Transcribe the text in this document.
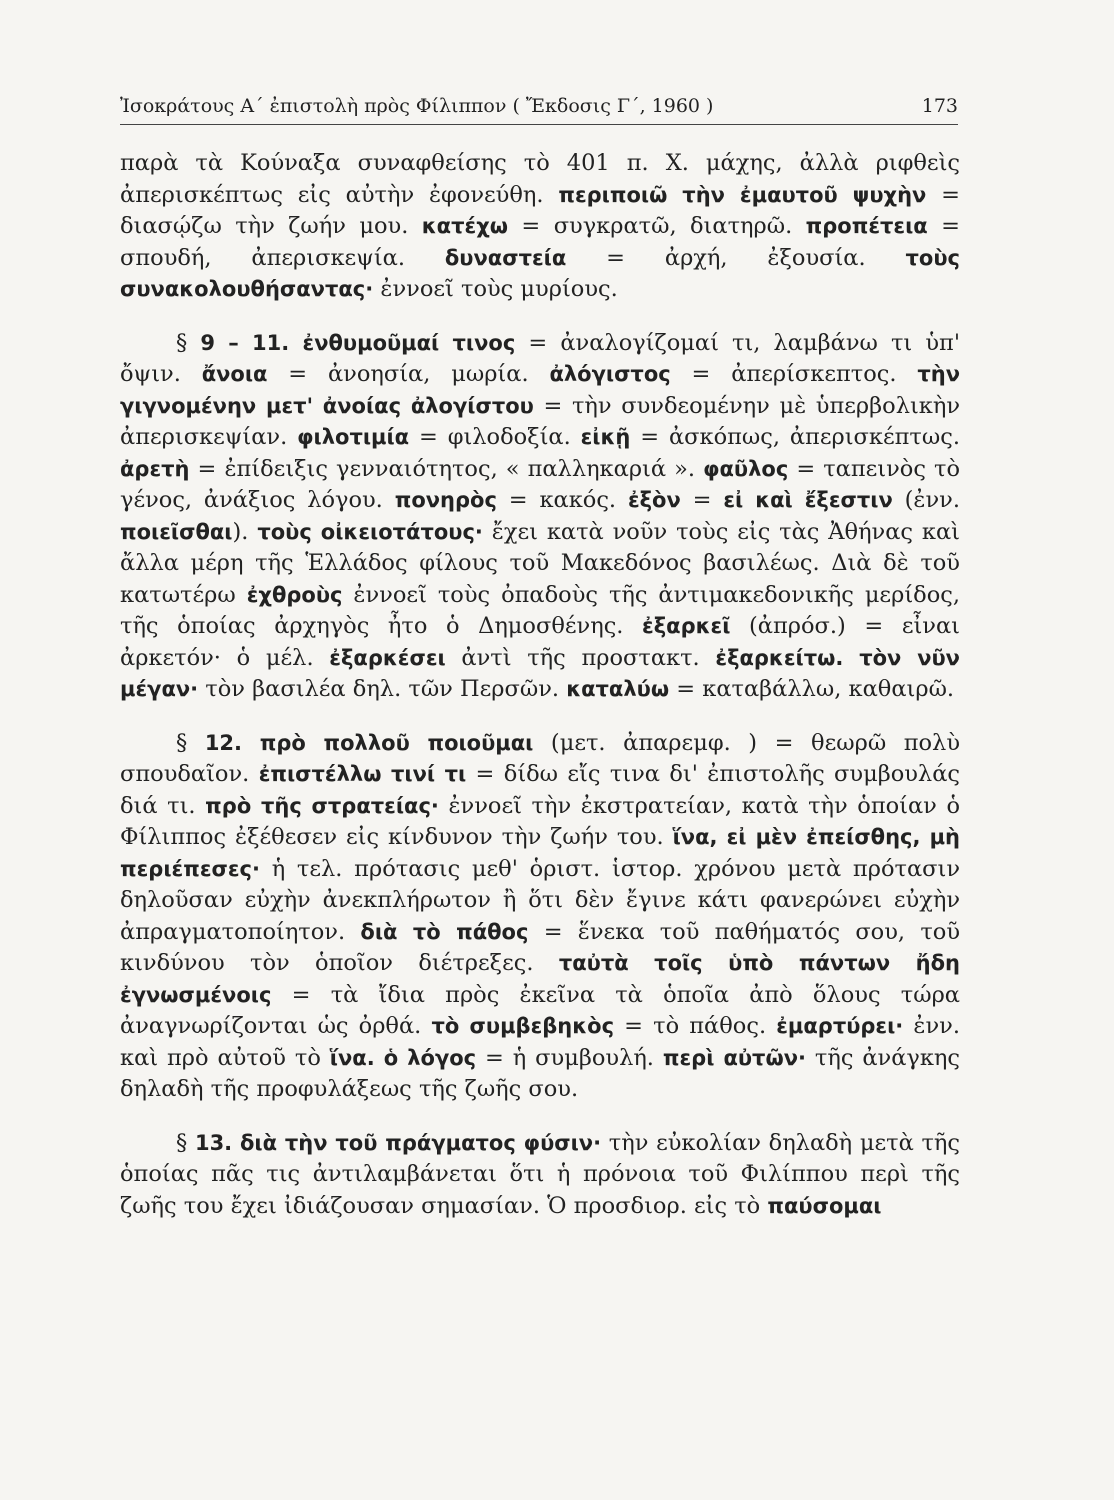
Ἰσοκράτους Α΄ ἐπιστολὴ πρὸς Φίλιππον ( Ἔκδοσις Γ΄, 1960 )	173

παρὰ τὰ Κούναξα συναφθείσης τὸ 401 π. Χ. μάχης, ἀλλὰ ριφθεὶς ἀπερισκέπτως εἰς αὐτὴν ἐφονεύθη. περιποιῶ τὴν ἐμαυτοῦ ψυχὴν = διασῴζω τὴν ζωήν μου. κατέχω = συγκρατῶ, διατηρῶ. προπέτεια = σπουδή, ἀπερισκεψία. δυναστεία = ἀρχή, ἐξουσία. τοὺς συνακολουθήσαντας· ἐννοεῖ τοὺς μυρίους.

§ 9 – 11. ἐνθυμοῦμαί τινος = ἀναλογίζομαί τι, λαμβάνω τι ὑπ' ὄψιν. ἄνοια = ἀνοησία, μωρία. ἀλόγιστος = ἀπερίσκεπτος. τὴν γιγνομένην μετ' ἀνοίας ἀλογίστου = τὴν συνδεομένην μὲ ὑπερβολικὴν ἀπερισκεψίαν. φιλοτιμία = φιλοδοξία. εἰκῇ = ἀσκόπως, ἀπερισκέπτως. ἀρετὴ = ἐπίδειξις γενναιότητος, « παλληκαριά ». φαῦλος = ταπεινὸς τὸ γένος, ἀνάξιος λόγου. πονηρὸς = κακός. ἐξὸν = εἰ καὶ ἔξεστιν (ἐνν. ποιεῖσθαι). τοὺς οἰκειοτάτους· ἔχει κατὰ νοῦν τοὺς εἰς τὰς Ἀθήνας καὶ ἄλλα μέρη τῆς Ἑλλάδος φίλους τοῦ Μακεδόνος βασιλέως. Διὰ δὲ τοῦ κατωτέρω ἐχθροὺς ἐννοεῖ τοὺς ὀπαδοὺς τῆς ἀντιμακεδονικῆς μερίδος, τῆς ὁποίας ἀρχηγὸς ἦτο ὁ Δημοσθένης. ἐξαρκεῖ (ἀπρόσ.) = εἶναι ἀρκετόν· ὁ μέλ. ἐξαρκέσει ἀντὶ τῆς προστακτ. ἐξαρκείτω. τὸν νῦν μέγαν· τὸν βασιλέα δηλ. τῶν Περσῶν. καταλύω = καταβάλλω, καθαιρῶ.

§ 12. πρὸ πολλοῦ ποιοῦμαι (μετ. ἀπαρεμφ. ) = θεωρῶ πολὺ σπουδαῖον. ἐπιστέλλω τινί τι = δίδω εἴς τινα δι' ἐπιστολῆς συμβουλάς διά τι. πρὸ τῆς στρατείας· ἐννοεῖ τὴν ἐκστρατείαν, κατὰ τὴν ὁποίαν ὁ Φίλιππος ἐξέθεσεν εἰς κίνδυνον τὴν ζωήν του. ἵνα, εἰ μὲν ἐπείσθης, μὴ περιέπεσες· ἡ τελ. πρότασις μεθ' ὁριστ. ἱστορ. χρόνου μετὰ πρότασιν δηλοῦσαν εὐχὴν ἀνεκπλήρωτον ἢ ὅτι δὲν ἔγινε κάτι φανερώνει εὐχὴν ἀπραγματοποίητον. διὰ τὸ πάθος = ἕνεκα τοῦ παθήματός σου, τοῦ κινδύνου τὸν ὁποῖον διέτρεξες. ταὐτὰ τοῖς ὑπὸ πάντων ἤδη ἐγνωσμένοις = τὰ ἴδια πρὸς ἐκεῖνα τὰ ὁποῖα ἀπὸ ὅλους τώρα ἀναγνωρίζονται ὡς ὀρθά. τὸ συμβεβηκὸς = τὸ πάθος. ἐμαρτύρει· ἐνν. καὶ πρὸ αὐτοῦ τὸ ἵνα. ὁ λόγος = ἡ συμβουλή. περὶ αὐτῶν· τῆς ἀνάγκης δηλαδὴ τῆς προφυλάξεως τῆς ζωῆς σου.

§ 13. διὰ τὴν τοῦ πράγματος φύσιν· τὴν εὐκολίαν δηλαδὴ μετὰ τῆς ὁποίας πᾶς τις ἀντιλαμβάνεται ὅτι ἡ πρόνοια τοῦ Φιλίππου περὶ τῆς ζωῆς του ἔχει ἰδιάζουσαν σημασίαν. Ὁ προσδιορ. εἰς τὸ παύσομαι
